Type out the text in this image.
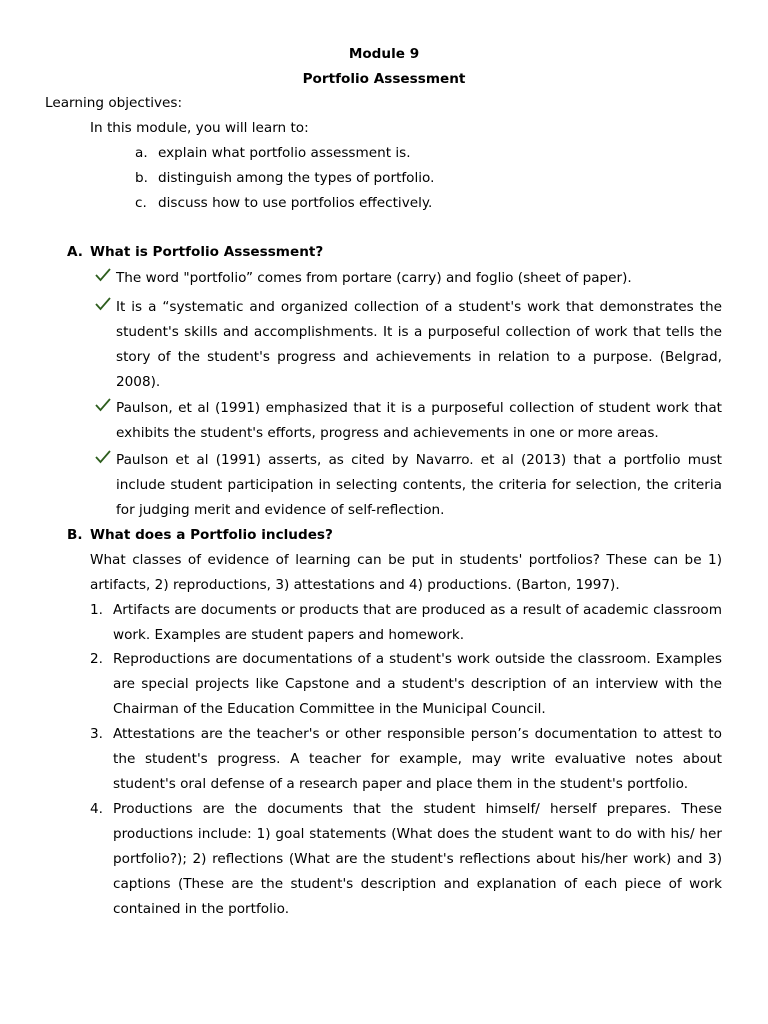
Module 9
Portfolio Assessment
Learning objectives:
In this module, you will learn to:
a. explain what portfolio assessment is.
b. distinguish among the types of portfolio.
c. discuss how to use portfolios effectively.
A. What is Portfolio Assessment?
The word "portfolio” comes from portare (carry) and foglio (sheet of paper).
It is a “systematic and organized collection of a student's work that demonstrates the student's skills and accomplishments. It is a purposeful collection of work that tells the story of the student's progress and achievements in relation to a purpose. (Belgrad, 2008).
Paulson, et al (1991) emphasized that it is a purposeful collection of student work that exhibits the student's efforts, progress and achievements in one or more areas.
Paulson et al (1991) asserts, as cited by Navarro. et al (2013) that a portfolio must include student participation in selecting contents, the criteria for selection, the criteria for judging merit and evidence of self-reflection.
B. What does a Portfolio includes?
What classes of evidence of learning can be put in students' portfolios? These can be 1) artifacts, 2) reproductions, 3) attestations and 4) productions. (Barton, 1997).
1. Artifacts are documents or products that are produced as a result of academic classroom work. Examples are student papers and homework.
2. Reproductions are documentations of a student's work outside the classroom. Examples are special projects like Capstone and a student's description of an interview with the Chairman of the Education Committee in the Municipal Council.
3. Attestations are the teacher's or other responsible person’s documentation to attest to the student's progress. A teacher for example, may write evaluative notes about student's oral defense of a research paper and place them in the student's portfolio.
4. Productions are the documents that the student himself/ herself prepares. These productions include: 1) goal statements (What does the student want to do with his/ her portfolio?); 2) reflections (What are the student's reflections about his/her work) and 3) captions (These are the student's description and explanation of each piece of work contained in the portfolio.
